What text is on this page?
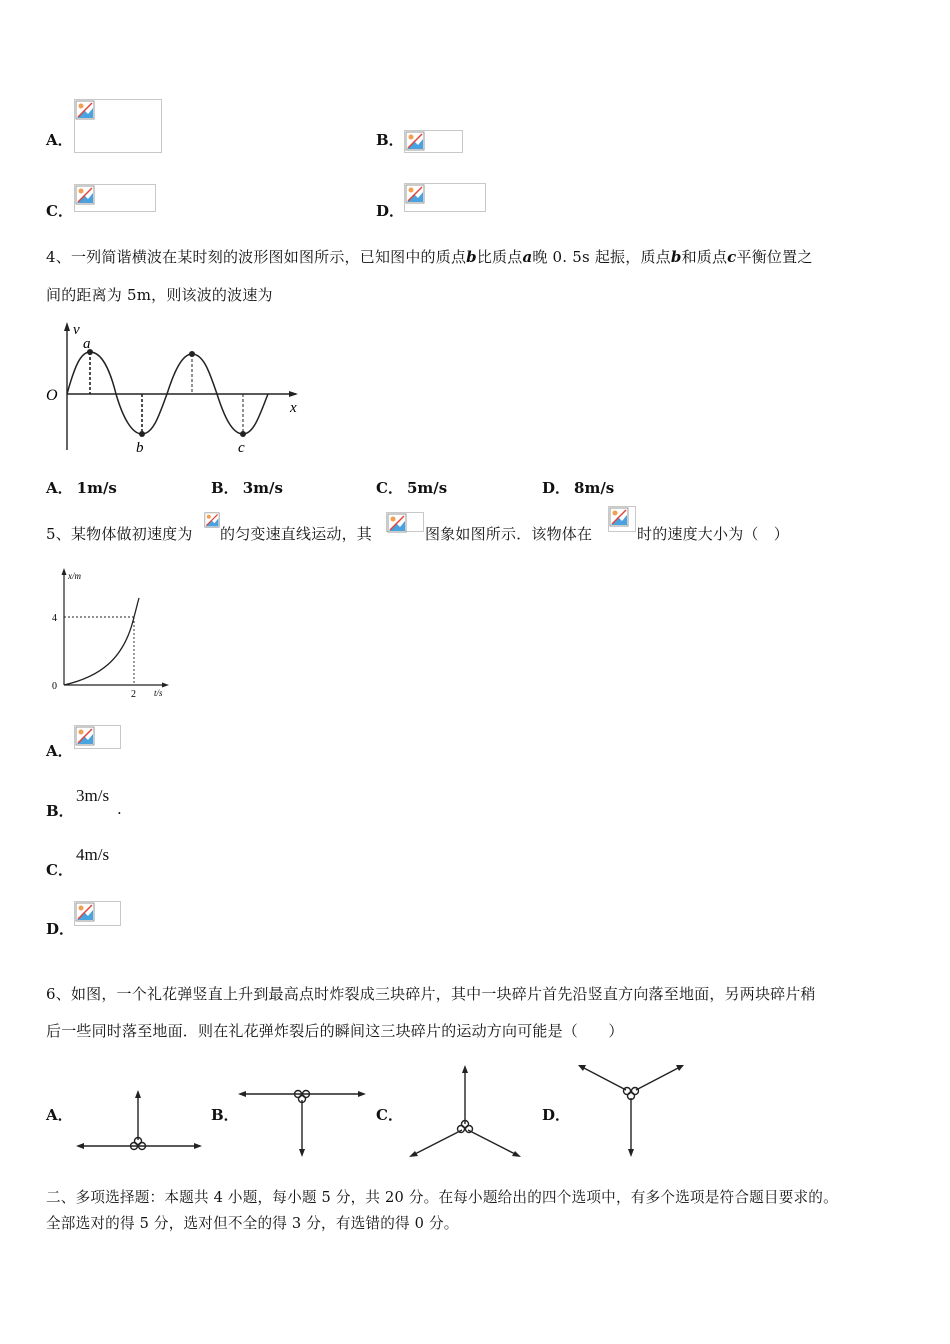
A．	B．
C．	D．
4、一列简谐横波在某时刻的波形图如图所示，已知图中的质点b比质点a晚 0. 5s 起振，质点b和质点c平衡位置之
间的距离为 5m，则该波的波速为
v
x
O
a
b	c
A． 1m/s	B． 3m/s	C． 5m/s	D． 8m/s
5、某物体做初速度为 的匀变速直线运动，其	图象如图所示．该物体在	时的速度大小为（　）
x/m
t/s
4
2
0
A．
B．
3m/s
.
C．
4m/s
D．
6、如图，一个礼花弹竖直上升到最高点时炸裂成三块碎片，其中一块碎片首先沿竖直方向落至地面，另两块碎片稍
后一些同时落至地面．则在礼花弹炸裂后的瞬间这三块碎片的运动方向可能是（　　）
A．	B．	C．	D．
二、多项选择题：本题共 4 小题，每小题 5 分，共 20 分。在每小题给出的四个选项中，有多个选项是符合题目要求的。
全部选对的得 5 分，选对但不全的得 3 分，有选错的得 0 分。
